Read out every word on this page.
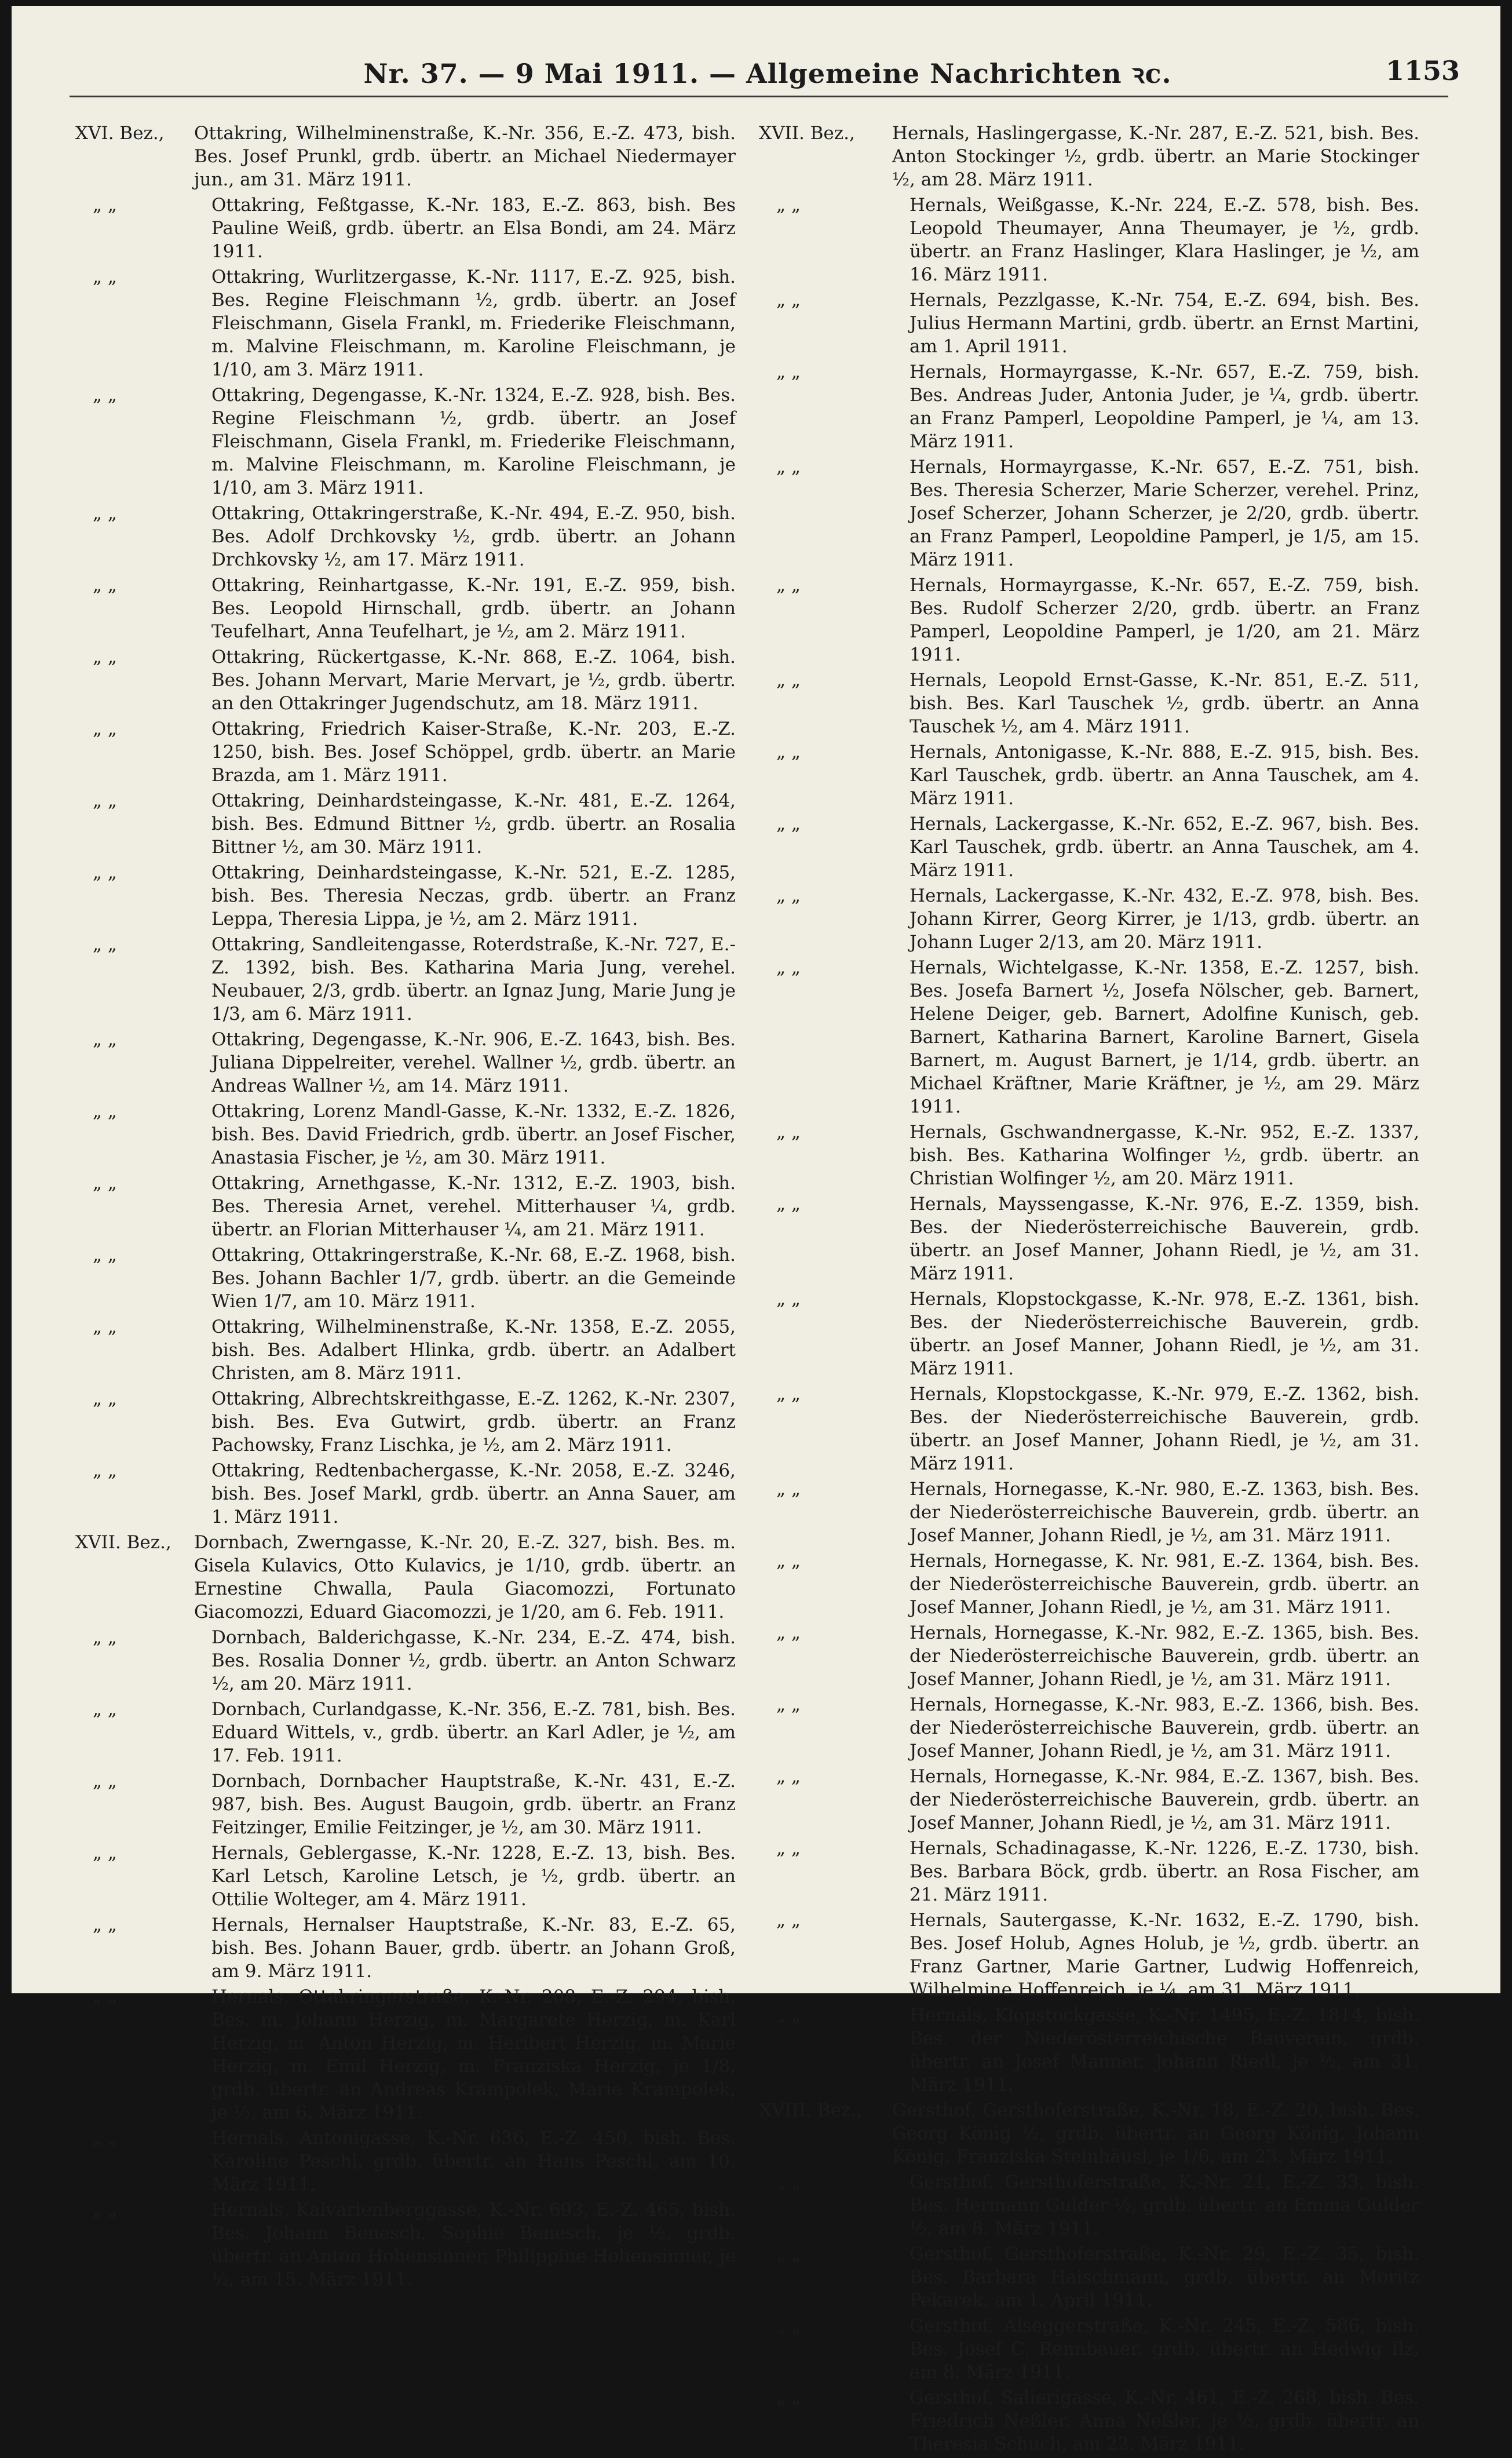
Nr. 37. — 9 Mai 1911. — Allgemeine Nachrichten ꝛc.	1153
XVI. Bez.,	Ottakring, Wilhelminenstraße, K.-Nr. 356, E.-Z. 473, bish. Bes. Josef Prunkl, grdb. übertr. an Michael Niedermayer jun., am 31. März 1911.
„ „	Ottakring, Feßtgasse, K.-Nr. 183, E.-Z. 863, bish. Bes Pauline Weiß, grdb. übertr. an Elsa Bondi, am 24. März 1911.
„ „	Ottakring, Wurlitzergasse, K.-Nr. 1117, E.-Z. 925, bish. Bes. Regine Fleischmann ½, grdb. übertr. an Josef Fleischmann, Gisela Frankl, m. Friederike Fleischmann, m. Malvine Fleischmann, m. Karoline Fleischmann, je 1/10, am 3. März 1911.
„ „	Ottakring, Degengasse, K.-Nr. 1324, E.-Z. 928, bish. Bes. Regine Fleischmann ½, grdb. übertr. an Josef Fleischmann, Gisela Frankl, m. Friederike Fleischmann, m. Malvine Fleischmann, m. Karoline Fleischmann, je 1/10, am 3. März 1911.
„ „	Ottakring, Ottakringerstraße, K.-Nr. 494, E.-Z. 950, bish. Bes. Adolf Drchkovsky ½, grdb. übertr. an Johann Drchkovsky ½, am 17. März 1911.
„ „	Ottakring, Reinhartgasse, K.-Nr. 191, E.-Z. 959, bish. Bes. Leopold Hirnschall, grdb. übertr. an Johann Teufelhart, Anna Teufelhart, je ½, am 2. März 1911.
„ „	Ottakring, Rückertgasse, K.-Nr. 868, E.-Z. 1064, bish. Bes. Johann Mervart, Marie Mervart, je ½, grdb. übertr. an den Ottakringer Jugendschutz, am 18. März 1911.
„ „	Ottakring, Friedrich Kaiser-Straße, K.-Nr. 203, E.-Z. 1250, bish. Bes. Josef Schöppel, grdb. übertr. an Marie Brazda, am 1. März 1911.
„ „	Ottakring, Deinhardsteingasse, K.-Nr. 481, E.-Z. 1264, bish. Bes. Edmund Bittner ½, grdb. übertr. an Rosalia Bittner ½, am 30. März 1911.
„ „	Ottakring, Deinhardsteingasse, K.-Nr. 521, E.-Z. 1285, bish. Bes. Theresia Neczas, grdb. übertr. an Franz Leppa, Theresia Lippa, je ½, am 2. März 1911.
„ „	Ottakring, Sandleitengasse, Roterdstraße, K.-Nr. 727, E.-Z. 1392, bish. Bes. Katharina Maria Jung, verehel. Neubauer, 2/3, grdb. übertr. an Ignaz Jung, Marie Jung je 1/3, am 6. März 1911.
„ „	Ottakring, Degengasse, K.-Nr. 906, E.-Z. 1643, bish. Bes. Juliana Dippelreiter, verehel. Wallner ½, grdb. übertr. an Andreas Wallner ½, am 14. März 1911.
„ „	Ottakring, Lorenz Mandl-Gasse, K.-Nr. 1332, E.-Z. 1826, bish. Bes. David Friedrich, grdb. übertr. an Josef Fischer, Anastasia Fischer, je ½, am 30. März 1911.
„ „	Ottakring, Arnethgasse, K.-Nr. 1312, E.-Z. 1903, bish. Bes. Theresia Arnet, verehel. Mitterhauser ¼, grdb. übertr. an Florian Mitterhauser ¼, am 21. März 1911.
„ „	Ottakring, Ottakringerstraße, K.-Nr. 68, E.-Z. 1968, bish. Bes. Johann Bachler 1/7, grdb. übertr. an die Gemeinde Wien 1/7, am 10. März 1911.
„ „	Ottakring, Wilhelminenstraße, K.-Nr. 1358, E.-Z. 2055, bish. Bes. Adalbert Hlinka, grdb. übertr. an Adalbert Christen, am 8. März 1911.
„ „	Ottakring, Albrechtskreithgasse, E.-Z. 1262, K.-Nr. 2307, bish. Bes. Eva Gutwirt, grdb. übertr. an Franz Pachowsky, Franz Lischka, je ½, am 2. März 1911.
„ „	Ottakring, Redtenbachergasse, K.-Nr. 2058, E.-Z. 3246, bish. Bes. Josef Markl, grdb. übertr. an Anna Sauer, am 1. März 1911.
XVII. Bez.,	Dornbach, Zwerngasse, K.-Nr. 20, E.-Z. 327, bish. Bes. m. Gisela Kulavics, Otto Kulavics, je 1/10, grdb. übertr. an Ernestine Chwalla, Paula Giacomozzi, Fortunato Giacomozzi, Eduard Giacomozzi, je 1/20, am 6. Feb. 1911.
„ „	Dornbach, Balderichgasse, K.-Nr. 234, E.-Z. 474, bish. Bes. Rosalia Donner ½, grdb. übertr. an Anton Schwarz ½, am 20. März 1911.
„ „	Dornbach, Curlandgasse, K.-Nr. 356, E.-Z. 781, bish. Bes. Eduard Wittels, v., grdb. übertr. an Karl Adler, je ½, am 17. Feb. 1911.
„ „	Dornbach, Dornbacher Hauptstraße, K.-Nr. 431, E.-Z. 987, bish. Bes. August Baugoin, grdb. übertr. an Franz Feitzinger, Emilie Feitzinger, je ½, am 30. März 1911.
„ „	Hernals, Geblergasse, K.-Nr. 1228, E.-Z. 13, bish. Bes. Karl Letsch, Karoline Letsch, je ½, grdb. übertr. an Ottilie Wolteger, am 4. März 1911.
„ „	Hernals, Hernalser Hauptstraße, K.-Nr. 83, E.-Z. 65, bish. Bes. Johann Bauer, grdb. übertr. an Johann Groß, am 9. März 1911.
„ „	Hernals, Ottakringerstraße, K.-Nr. 208, E.-Z. 294, bish. Bes. m. Johann Herzig, m. Margarete Herzig, m. Karl Herzig, m. Anton Herzig, m. Heribert Herzig, m. Marie Herzig, m. Emil Herzig, m. Franziska Herzig, je 1/8, grdb. übertr. an Andreas Krampolek, Marie Krampolek, je ½, am 6. März 1911.
„ „	Hernals, Antonigasse, K.-Nr. 636, E.-Z. 450, bish. Bes. Karoline Peschl, grdb. übertr. an Hans Peschl, am 10. März 1911.
„ „	Hernals, Kalvarienberggasse, K.-Nr. 693, E.-Z. 465, bish. Bes. Johann Benesch, Sophie Benesch, je ½, grdb. übertr. an Anton Hohensinner, Philippine Hohensinner, je ½, am 15. März 1911.
XVII. Bez.,	Hernals, Haslingergasse, K.-Nr. 287, E.-Z. 521, bish. Bes. Anton Stockinger ½, grdb. übertr. an Marie Stockinger ½, am 28. März 1911.
„ „	Hernals, Weißgasse, K.-Nr. 224, E.-Z. 578, bish. Bes. Leopold Theumayer, Anna Theumayer, je ½, grdb. übertr. an Franz Haslinger, Klara Haslinger, je ½, am 16. März 1911.
„ „	Hernals, Pezzlgasse, K.-Nr. 754, E.-Z. 694, bish. Bes. Julius Hermann Martini, grdb. übertr. an Ernst Martini, am 1. April 1911.
„ „	Hernals, Hormayrgasse, K.-Nr. 657, E.-Z. 759, bish. Bes. Andreas Juder, Antonia Juder, je ¼, grdb. übertr. an Franz Pamperl, Leopoldine Pamperl, je ¼, am 13. März 1911.
„ „	Hernals, Hormayrgasse, K.-Nr. 657, E.-Z. 751, bish. Bes. Theresia Scherzer, Marie Scherzer, verehel. Prinz, Josef Scherzer, Johann Scherzer, je 2/20, grdb. übertr. an Franz Pamperl, Leopoldine Pamperl, je 1/5, am 15. März 1911.
„ „	Hernals, Hormayrgasse, K.-Nr. 657, E.-Z. 759, bish. Bes. Rudolf Scherzer 2/20, grdb. übertr. an Franz Pamperl, Leopoldine Pamperl, je 1/20, am 21. März 1911.
„ „	Hernals, Leopold Ernst-Gasse, K.-Nr. 851, E.-Z. 511, bish. Bes. Karl Tauschek ½, grdb. übertr. an Anna Tauschek ½, am 4. März 1911.
„ „	Hernals, Antonigasse, K.-Nr. 888, E.-Z. 915, bish. Bes. Karl Tauschek, grdb. übertr. an Anna Tauschek, am 4. März 1911.
„ „	Hernals, Lackergasse, K.-Nr. 652, E.-Z. 967, bish. Bes. Karl Tauschek, grdb. übertr. an Anna Tauschek, am 4. März 1911.
„ „	Hernals, Lackergasse, K.-Nr. 432, E.-Z. 978, bish. Bes. Johann Kirrer, Georg Kirrer, je 1/13, grdb. übertr. an Johann Luger 2/13, am 20. März 1911.
„ „	Hernals, Wichtelgasse, K.-Nr. 1358, E.-Z. 1257, bish. Bes. Josefa Barnert ½, Josefa Nölscher, geb. Barnert, Helene Deiger, geb. Barnert, Adolfine Kunisch, geb. Barnert, Katharina Barnert, Karoline Barnert, Gisela Barnert, m. August Barnert, je 1/14, grdb. übertr. an Michael Kräftner, Marie Kräftner, je ½, am 29. März 1911.
„ „	Hernals, Gschwandnergasse, K.-Nr. 952, E.-Z. 1337, bish. Bes. Katharina Wolfinger ½, grdb. übertr. an Christian Wolfinger ½, am 20. März 1911.
„ „	Hernals, Mayssengasse, K.-Nr. 976, E.-Z. 1359, bish. Bes. der Niederösterreichische Bauverein, grdb. übertr. an Josef Manner, Johann Riedl, je ½, am 31. März 1911.
„ „	Hernals, Klopstockgasse, K.-Nr. 978, E.-Z. 1361, bish. Bes. der Niederösterreichische Bauverein, grdb. übertr. an Josef Manner, Johann Riedl, je ½, am 31. März 1911.
„ „	Hernals, Klopstockgasse, K.-Nr. 979, E.-Z. 1362, bish. Bes. der Niederösterreichische Bauverein, grdb. übertr. an Josef Manner, Johann Riedl, je ½, am 31. März 1911.
„ „	Hernals, Hornegasse, K.-Nr. 980, E.-Z. 1363, bish. Bes. der Niederösterreichische Bauverein, grdb. übertr. an Josef Manner, Johann Riedl, je ½, am 31. März 1911.
„ „	Hernals, Hornegasse, K. Nr. 981, E.-Z. 1364, bish. Bes. der Niederösterreichische Bauverein, grdb. übertr. an Josef Manner, Johann Riedl, je ½, am 31. März 1911.
„ „	Hernals, Hornegasse, K.-Nr. 982, E.-Z. 1365, bish. Bes. der Niederösterreichische Bauverein, grdb. übertr. an Josef Manner, Johann Riedl, je ½, am 31. März 1911.
„ „	Hernals, Hornegasse, K.-Nr. 983, E.-Z. 1366, bish. Bes. der Niederösterreichische Bauverein, grdb. übertr. an Josef Manner, Johann Riedl, je ½, am 31. März 1911.
„ „	Hernals, Hornegasse, K.-Nr. 984, E.-Z. 1367, bish. Bes. der Niederösterreichische Bauverein, grdb. übertr. an Josef Manner, Johann Riedl, je ½, am 31. März 1911.
„ „	Hernals, Schadinagasse, K.-Nr. 1226, E.-Z. 1730, bish. Bes. Barbara Böck, grdb. übertr. an Rosa Fischer, am 21. März 1911.
„ „	Hernals, Sautergasse, K.-Nr. 1632, E.-Z. 1790, bish. Bes. Josef Holub, Agnes Holub, je ½, grdb. übertr. an Franz Gartner, Marie Gartner, Ludwig Hoffenreich, Wilhelmine Hoffenreich, je ¼, am 31. März 1911.
„ „	Hernals, Klopstockgasse, K.-Nr. 1495, E.-Z. 1814, bish. Bes. der Niederösterreichische Bauverein, grdb. übertr. an Josef Manner, Johann Riedl, je ½, am 31. März 1911.
XVIII. Bez.,	Gersthof, Gersthoferstraße, K.-Nr. 18, E.-Z. 20, bish. Bes. Georg König ½, grdb. übertr. an Georg König, Johann König, Franziska Steinhäusl, je 1/6, am 23. März 1911.
„ „	Gersthof, Gersthoferstraße, K.-Nr. 21, E.-Z. 33, bish. Bes. Hermann Gulder ½, grdb. übertr. an Emma Gulder ½, am 8. März 1911.
„ „	Gersthof, Gersthoferstraße, K.-Nr. 29, E.-Z. 35, bish. Bes. Barbara Haischmann, grdb. übertr. an Moritz Pekarek, am 1. April 1911.
„ „	Gersthof, Alseggerstraße, K.-Nr. 245, E.-Z. 586, bish. Bes. Josef C. Rennbauer, grdb. übertr. an Hedwig Ilz, am 8. März 1911.
„ „	Gersthof, Salierigasse, K.-Nr. 461, E.-Z. 268, bish. Bes. Friedrich Neßler, Anna Neßler, je ½, grdb. übertr. an Theresia Schuch, am 22. März 1911.
